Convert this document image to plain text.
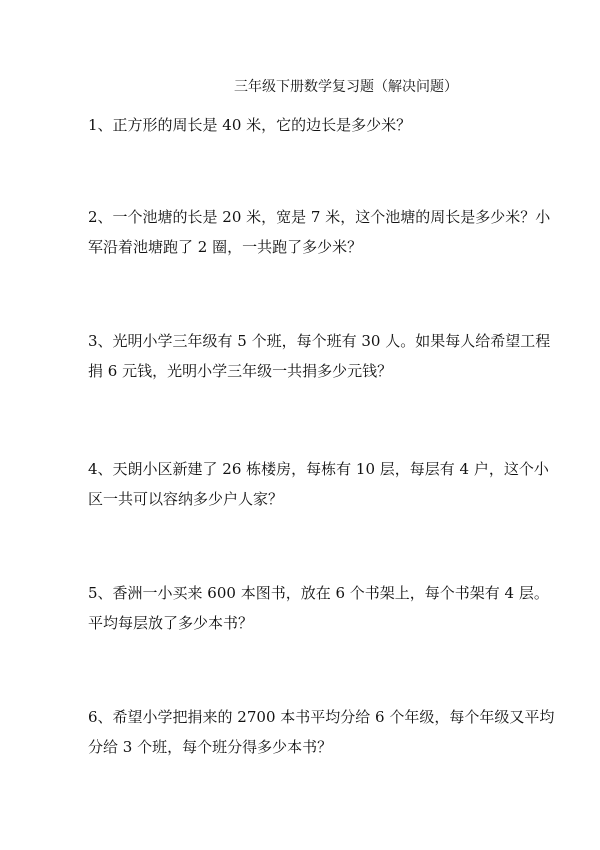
三年级下册数学复习题（解决问题）
1、正方形的周长是 40 米，它的边长是多少米？
2、一个池塘的长是 20 米，宽是 7 米，这个池塘的周长是多少米？小
军沿着池塘跑了 2 圈，一共跑了多少米？
3、光明小学三年级有 5 个班，每个班有 30 人。如果每人给希望工程
捐 6 元钱，光明小学三年级一共捐多少元钱？
4、天朗小区新建了 26 栋楼房，每栋有 10 层，每层有 4 户，这个小
区一共可以容纳多少户人家？
5、香洲一小买来 600 本图书，放在 6 个书架上，每个书架有 4 层。
平均每层放了多少本书？
6、希望小学把捐来的 2700 本书平均分给 6 个年级，每个年级又平均
分给 3 个班，每个班分得多少本书？
